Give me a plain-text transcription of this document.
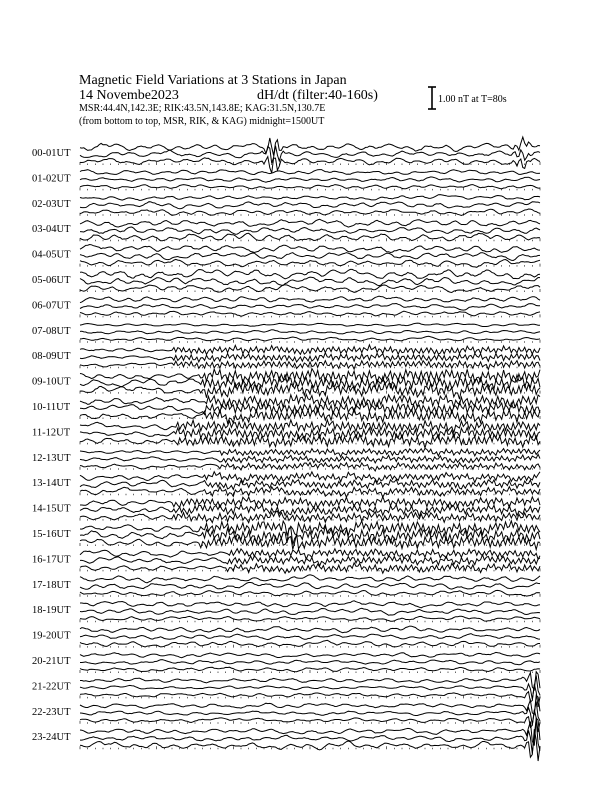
Magnetic Field Variations at 3 Stations in Japan
14 Novembe2023	dH/dt (filter:40-160s)
MSR:44.4N,142.3E; RIK:43.5N,143.8E; KAG:31.5N,130.7E
(from bottom to top, MSR, RIK, & KAG) midnight=1500UT
1.00 nT at T=80s
00-01UT
01-02UT
02-03UT
03-04UT
04-05UT
05-06UT
06-07UT
07-08UT
08-09UT
09-10UT
10-11UT
11-12UT
12-13UT
13-14UT
14-15UT
15-16UT
16-17UT
17-18UT
18-19UT
19-20UT
20-21UT
21-22UT
22-23UT
23-24UT
